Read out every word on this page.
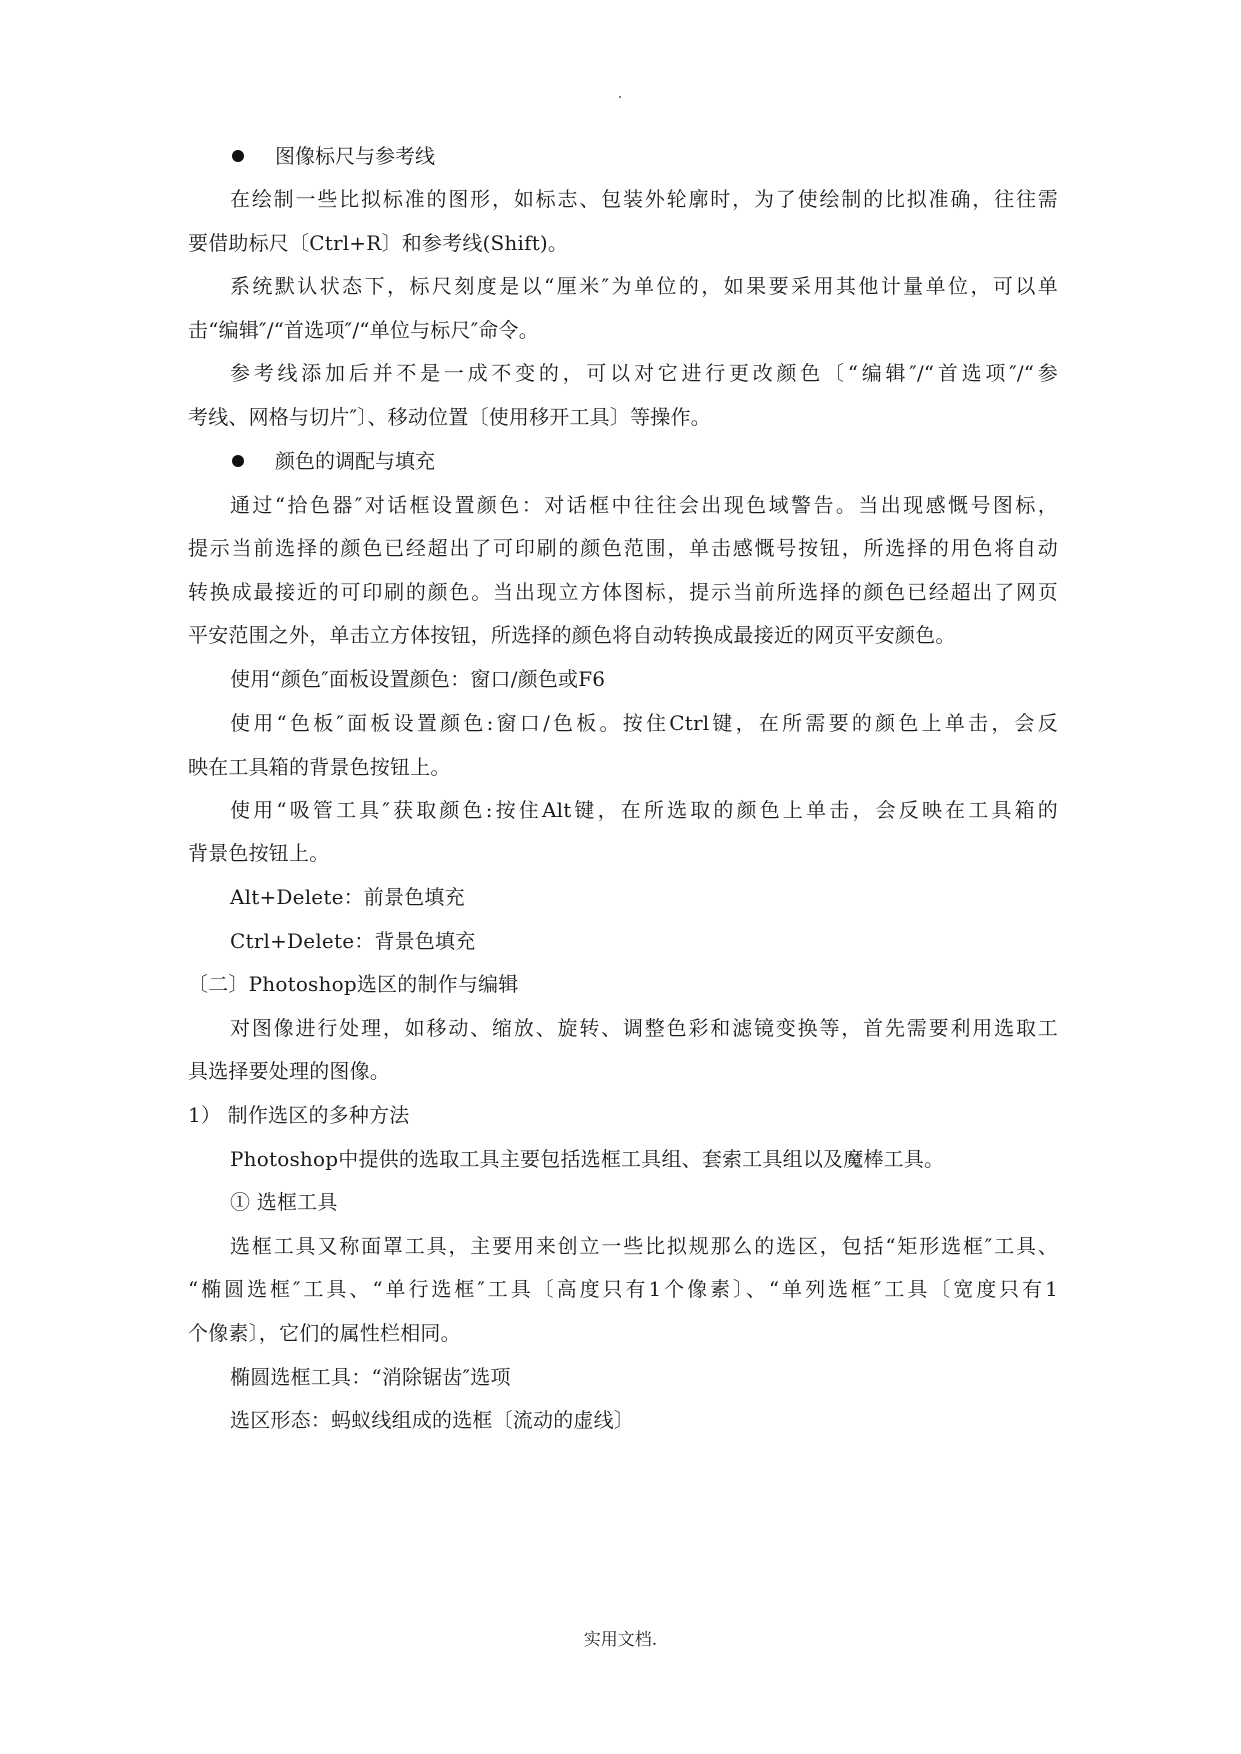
图像标尺与参考线
在绘制一些比拟标准的图形，如标志、包装外轮廓时，为了使绘制的比拟准确，往往需
要借助标尺〔Ctrl+R〕和参考线(Shift)。
系统默认状态下，标尺刻度是以“厘米″为单位的，如果要采用其他计量单位，可以单
击“编辑″/“首选项″/“单位与标尺″命令。
参考线添加后并不是一成不变的，可以对它进行更改颜色〔“编辑″/“首选项″/“参
考线、网格与切片″〕、移动位置〔使用移开工具〕等操作。
颜色的调配与填充
通过“拾色器″对话框设置颜色：对话框中往往会出现色域警告。当出现感慨号图标，
提示当前选择的颜色已经超出了可印刷的颜色范围，单击感慨号按钮，所选择的用色将自动
转换成最接近的可印刷的颜色。当出现立方体图标，提示当前所选择的颜色已经超出了网页
平安范围之外，单击立方体按钮，所选择的颜色将自动转换成最接近的网页平安颜色。
使用“颜色″面板设置颜色：窗口/颜色或F6
使用“色板″面板设置颜色:窗口/色板。按住Ctrl键，在所需要的颜色上单击，会反
映在工具箱的背景色按钮上。
使用“吸管工具″获取颜色:按住Alt键，在所选取的颜色上单击，会反映在工具箱的
背景色按钮上。
Alt+Delete：前景色填充
Ctrl+Delete：背景色填充
〔二〕Photoshop选区的制作与编辑
对图像进行处理，如移动、缩放、旋转、调整色彩和滤镜变换等，首先需要利用选取工
具选择要处理的图像。
1） 制作选区的多种方法
Photoshop中提供的选取工具主要包括选框工具组、套索工具组以及魔棒工具。
① 选框工具
选框工具又称面罩工具，主要用来创立一些比拟规那么的选区，包括“矩形选框″工具、
“椭圆选框″工具、“单行选框″工具〔高度只有1个像素〕、“单列选框″工具〔宽度只有1
个像素〕，它们的属性栏相同。
椭圆选框工具：“消除锯齿″选项
选区形态：蚂蚁线组成的选框〔流动的虚线〕
实用文档.
